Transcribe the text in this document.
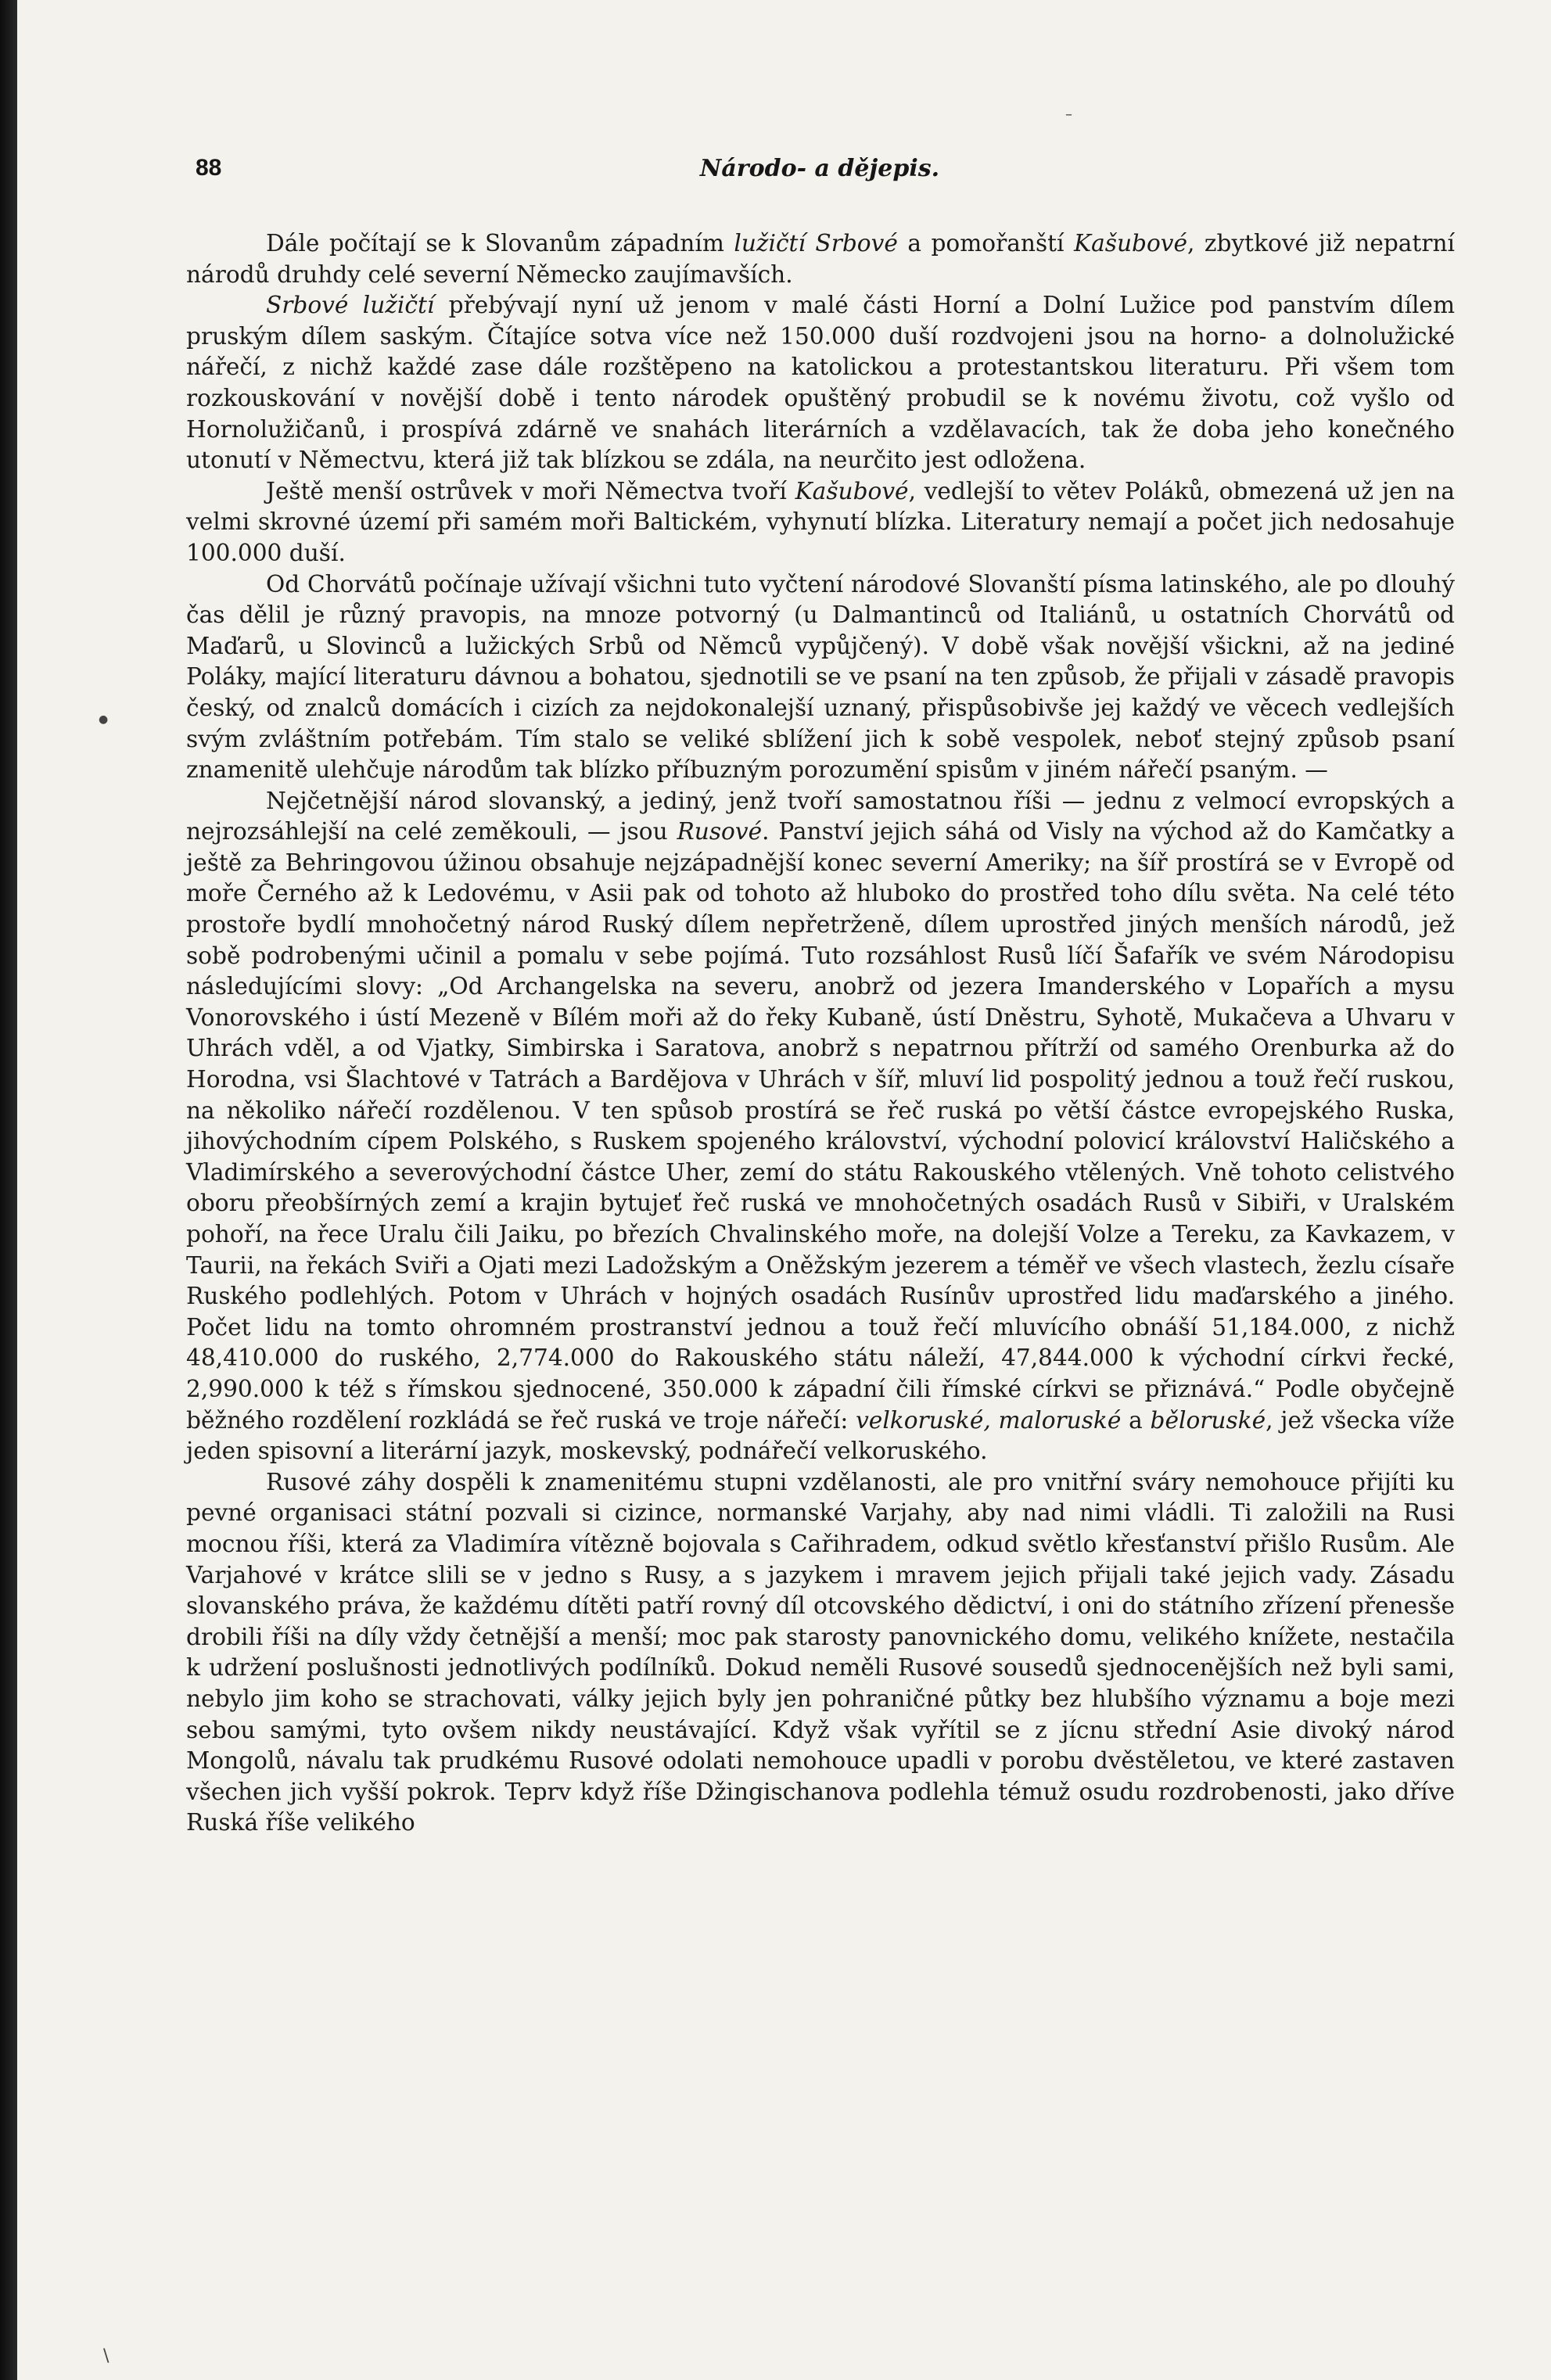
–
●
\
88	Národo- a dějepis.

Dále počítají se k Slovanům západním lužičtí Srbové a pomořanští Kašubové, zbytkové již nepatrní národů druhdy celé severní Německo zaujímavších.

Srbové lužičtí přebývají nyní už jenom v malé části Horní a Dolní Lužice pod panstvím dílem pruským dílem saským. Čítajíce sotva více než 150.000 duší rozdvojeni jsou na horno- a dolnolužické nářečí, z nichž každé zase dále rozštěpeno na katolickou a protestantskou literaturu. Při všem tom rozkouskování v novější době i tento národek opuštěný probudil se k novému životu, což vyšlo od Hornolužičanů, i prospívá zdárně ve snahách literárních a vzdělavacích, tak že doba jeho konečného utonutí v Němectvu, která již tak blízkou se zdála, na neurčito jest odložena.

Ještě menší ostrůvek v moři Němectva tvoří Kašubové, vedlejší to větev Poláků, obmezená už jen na velmi skrovné území při samém moři Baltickém, vyhynutí blízka. Literatury nemají a počet jich nedosahuje 100.000 duší.

Od Chorvátů počínaje užívají všichni tuto vyčtení národové Slovanští písma latinského, ale po dlouhý čas dělil je různý pravopis, na mnoze potvorný (u Dalmantinců od Italiánů, u ostatních Chorvátů od Maďarů, u Slovinců a lužických Srbů od Němců vypůjčený). V době však novější všickni, až na jediné Poláky, mající literaturu dávnou a bohatou, sjednotili se ve psaní na ten způsob, že přijali v zásadě pravopis český, od znalců domácích i cizích za nejdokonalejší uznaný, přispůsobivše jej každý ve věcech vedlejších svým zvláštním potřebám. Tím stalo se veliké sblížení jich k sobě vespolek, neboť stejný způsob psaní znamenitě ulehčuje národům tak blízko příbuzným porozumění spisům v jiném nářečí psaným. —

Nejčetnější národ slovanský, a jediný, jenž tvoří samostatnou říši — jednu z velmocí evropských a nejrozsáhlejší na celé zeměkouli, — jsou Rusové. Panství jejich sáhá od Visly na východ až do Kamčatky a ještě za Behringovou úžinou obsahuje nejzápadnější konec severní Ameriky; na šíř prostírá se v Evropě od moře Černého až k Ledovému, v Asii pak od tohoto až hluboko do prostřed toho dílu světa. Na celé této prostoře bydlí mnohočetný národ Ruský dílem nepřetrženě, dílem uprostřed jiných menších národů, jež sobě podrobenými učinil a pomalu v sebe pojímá. Tuto rozsáhlost Rusů líčí Šafařík ve svém Národopisu následujícími slovy: „Od Archangelska na severu, anobrž od jezera Imanderského v Lopařích a mysu Vonorovského i ústí Mezeně v Bílém moři až do řeky Kubaně, ústí Dněstru, Syhotě, Mukačeva a Uhvaru v Uhrách vděl, a od Vjatky, Simbirska i Saratova, anobrž s nepatrnou přítrží od samého Orenburka až do Horodna, vsi Šlachtové v Tatrách a Bardějova v Uhrách v šíř, mluví lid pospolitý jednou a touž řečí ruskou, na několiko nářečí rozdělenou. V ten spůsob prostírá se řeč ruská po větší částce evropejského Ruska, jihovýchodním cípem Polského, s Ruskem spojeného království, východní polovicí království Haličského a Vladimírského a severovýchodní částce Uher, zemí do státu Rakouského vtělených. Vně tohoto celistvého oboru přeobšírných zemí a krajin bytujeť řeč ruská ve mnohočetných osadách Rusů v Sibiři, v Uralském pohoří, na řece Uralu čili Jaiku, po březích Chvalinského moře, na dolejší Volze a Tereku, za Kavkazem, v Taurii, na řekách Sviři a Ojati mezi Ladožským a Oněžským jezerem a téměř ve všech vlastech, žezlu císaře Ruského podlehlých. Potom v Uhrách v hojných osadách Rusínův uprostřed lidu maďarského a jiného. Počet lidu na tomto ohromném prostranství jednou a touž řečí mluvícího obnáší 51,184.000, z nichž 48,410.000 do ruského, 2,774.000 do Rakouského státu náleží, 47,844.000 k východní církvi řecké, 2,990.000 k též s římskou sjednocené, 350.000 k západní čili římské církvi se přiznává.“ Podle obyčejně běžného rozdělení rozkládá se řeč ruská ve troje nářečí: velkoruské, maloruské a běloruské, jež všecka víže jeden spisovní a literární jazyk, moskevský, podnářečí velkoruského.

Rusové záhy dospěli k znamenitému stupni vzdělanosti, ale pro vnitřní sváry nemohouce přijíti ku pevné organisaci státní pozvali si cizince, normanské Varjahy, aby nad nimi vládli. Ti založili na Rusi mocnou říši, která za Vladimíra vítězně bojovala s Cařihradem, odkud světlo křesťanství přišlo Rusům. Ale Varjahové v krátce slili se v jedno s Rusy, a s jazykem i mravem jejich přijali také jejich vady. Zásadu slovanského práva, že každému dítěti patří rovný díl otcovského dědictví, i oni do státního zřízení přenesše drobili říši na díly vždy četnější a menší; moc pak starosty panovnického domu, velikého knížete, nestačila k udržení poslušnosti jednotlivých podílníků. Dokud neměli Rusové sousedů sjednocenějších než byli sami, nebylo jim koho se strachovati, války jejich byly jen pohraničné půtky bez hlubšího významu a boje mezi sebou samými, tyto ovšem nikdy neustávající. Když však vyřítil se z jícnu střední Asie divoký národ Mongolů, návalu tak prudkému Rusové odolati nemohouce upadli v porobu dvěstěletou, ve které zastaven všechen jich vyšší pokrok. Teprv když říše Džingischanova podlehla témuž osudu rozdrobenosti, jako dříve Ruská říše velikého
